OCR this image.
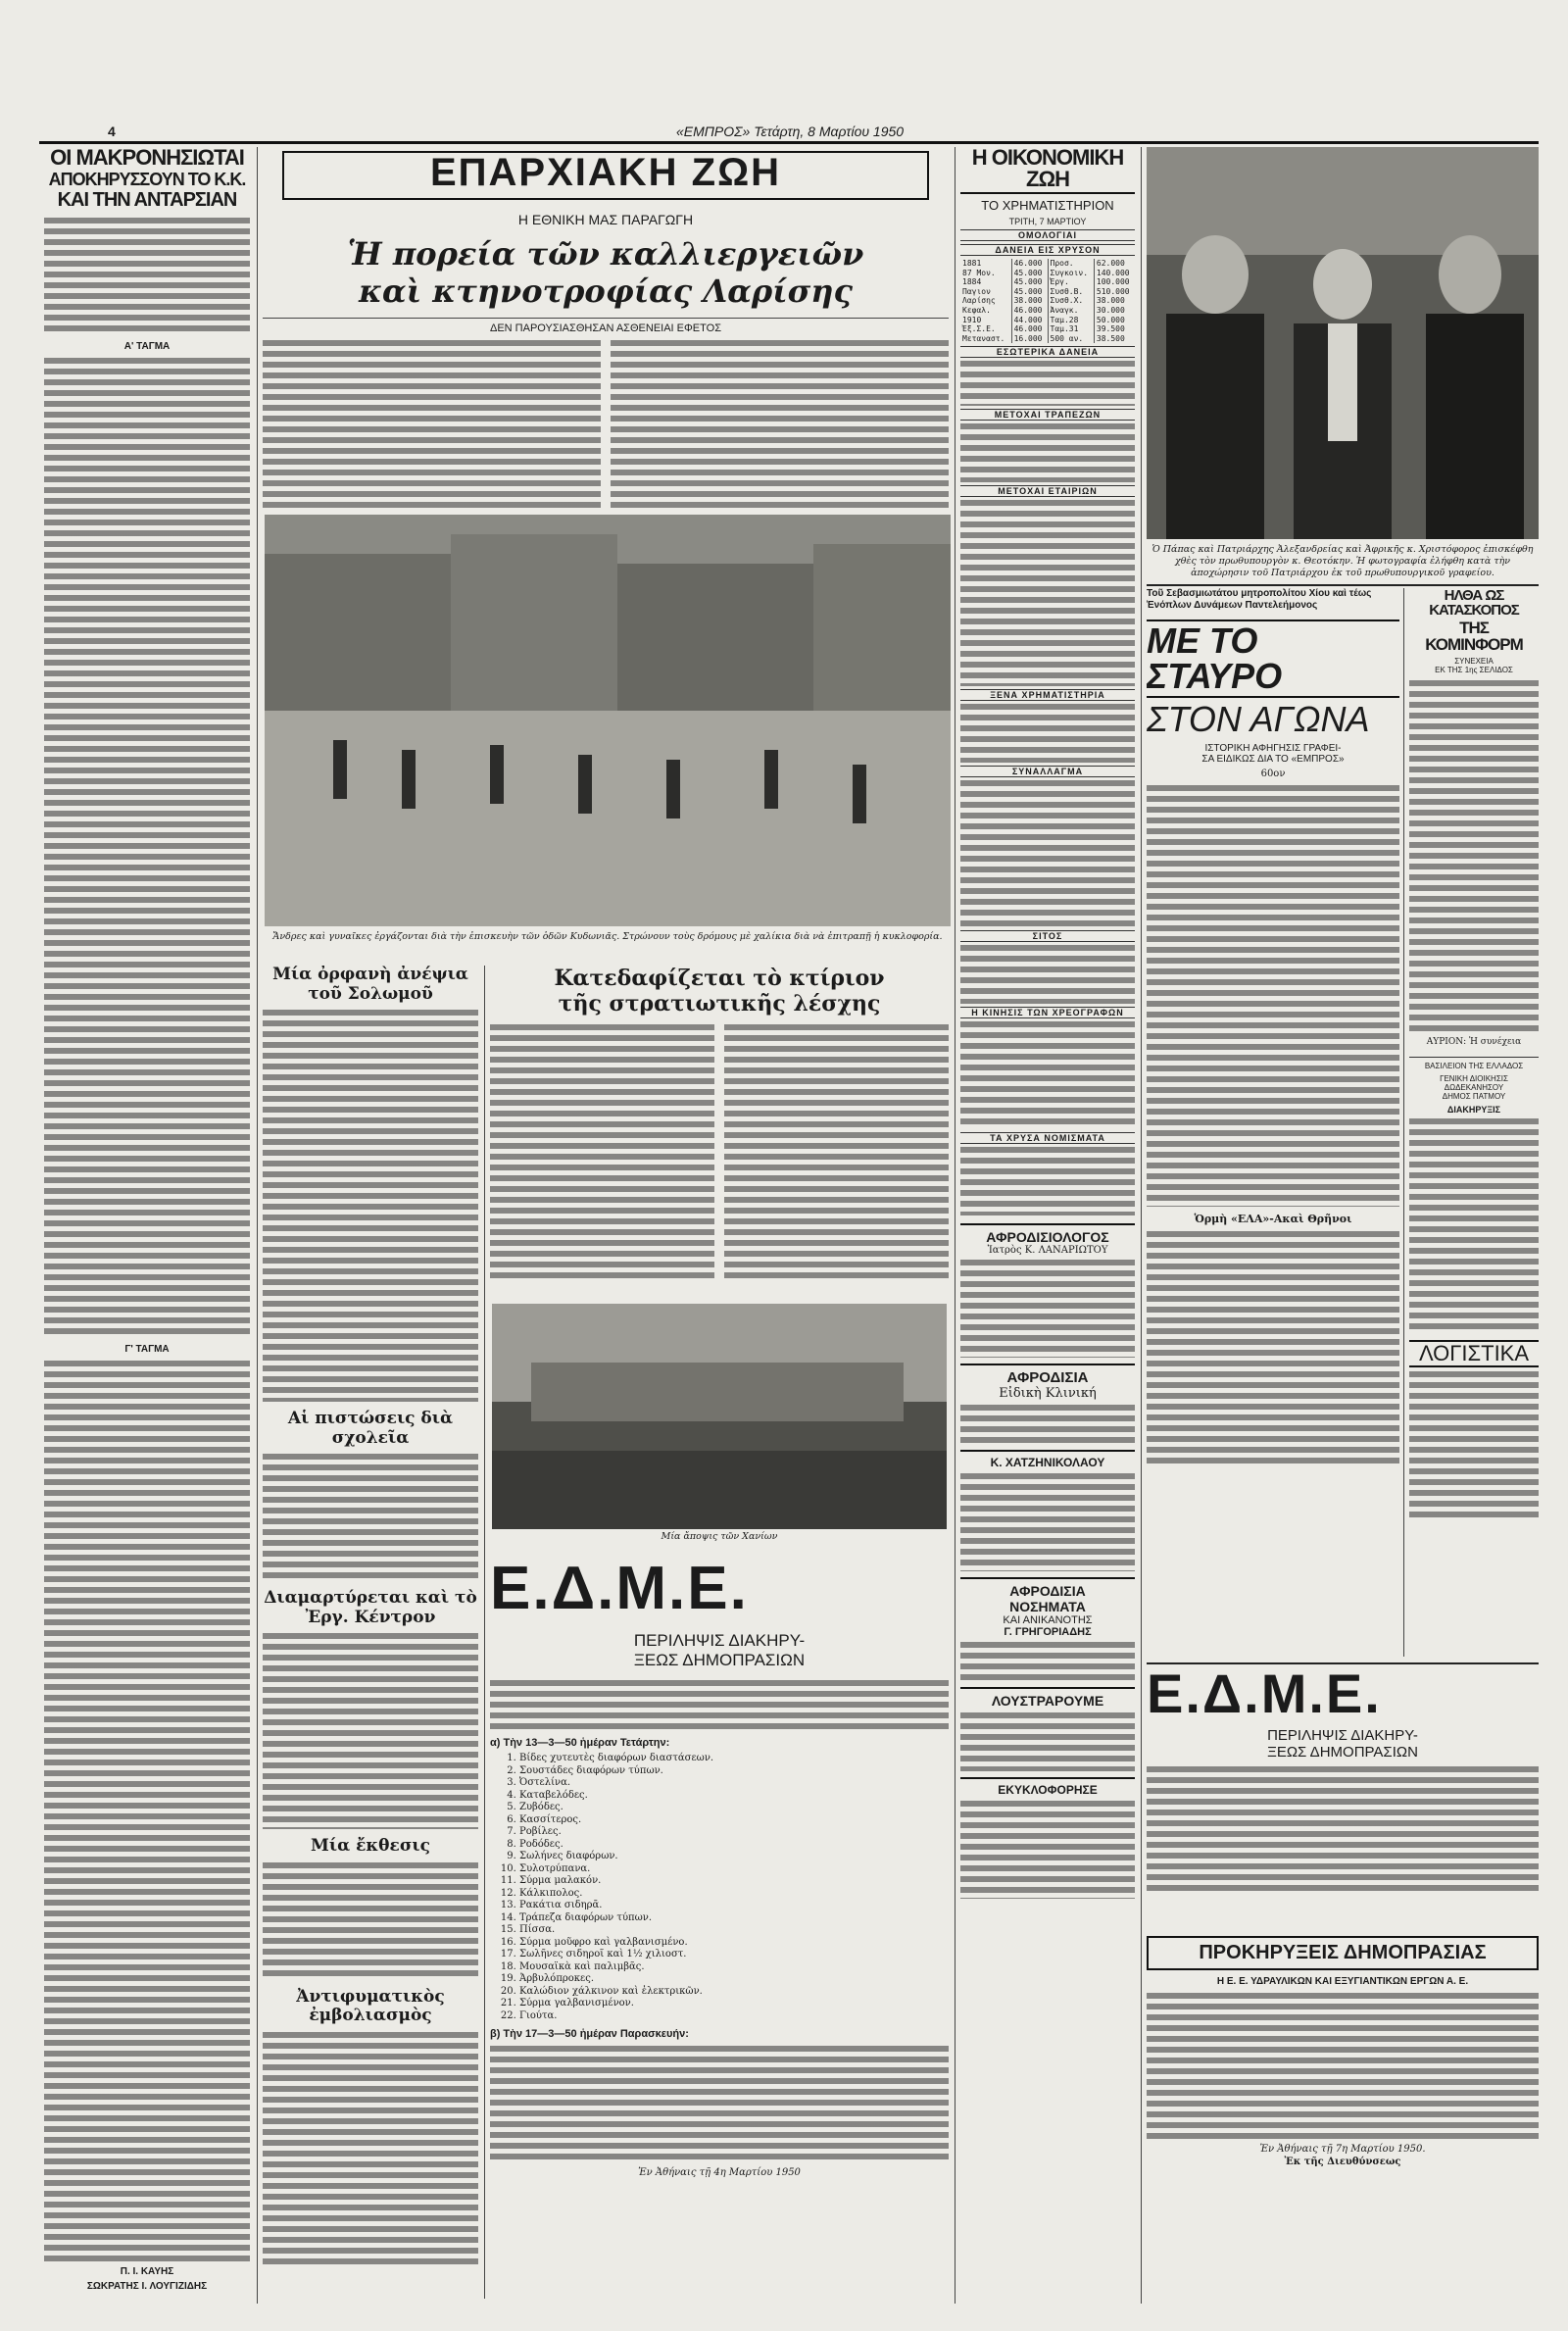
4	«ΕΜΠΡΟΣ» Τετάρτη, 8 Μαρτίου 1950
ΟΙ ΜΑΚΡΟΝΗΣΙΩΤΑΙ
ΑΠΟΚΗΡΥΣΣΟΥΝ ΤΟ Κ.Κ.
ΚΑΙ ΤΗΝ ΑΝΤΑΡΣΙΑΝ
Α' ΤΑΓΜΑ
Γ' ΤΑΓΜΑ
Π. Ι. ΚΑΥΗΣ
ΣΩΚΡΑΤΗΣ Ι. ΛΟΥΓΙΖΙΔΗΣ
ΕΠΑΡΧΙΑΚΗ ΖΩΗ
Η ΕΘΝΙΚΗ ΜΑΣ ΠΑΡΑΓΩΓΗ
Ἡ πορεία τῶν καλλιεργειῶν
καὶ κτηνοτροφίας Λαρίσης
ΔΕΝ ΠΑΡΟΥΣΙΑΣΘΗΣΑΝ ΑΣΘΕΝΕΙΑΙ ΕΦΕΤΟΣ
Ἄνδρες καὶ γυναῖκες ἐργάζονται διὰ τὴν ἐπισκευὴν τῶν ὁδῶν Κυδωνιᾶς. Στρώνουν τοὺς δρόμους μὲ χαλίκια διὰ νὰ ἐπιτραπῇ ἡ κυκλοφορία.
Μία ὀρφανὴ ἀνέψια τοῦ Σολωμοῦ
Αἱ πιστώσεις διὰ σχολεῖα
Διαμαρτύρεται καὶ τὸ Ἐργ. Κέντρον
Μία ἔκθεσις
Ἀντιφυματικὸς ἐμβολιασμὸς
Κατεδαφίζεται τὸ κτίριον
τῆς στρατιωτικῆς λέσχης
Μία ἄποψις τῶν Χανίων
Ε.Δ.Μ.Ε.
ΠΕΡΙΛΗΨΙΣ ΔΙΑΚΗΡΥ-
ΞΕΩΣ ΔΗΜΟΠΡΑΣΙΩΝ
α) Τὴν 13—3—50 ἡμέραν Τετάρτην:
1. Βίδες χυτευτὲς διαφόρων διαστάσεων.
2. Σουστάδες διαφόρων τύπων.
3. Ὀστελίνα.
4. Καταβελόδες.
5. Ζυβόδες.
6. Κασσίτερος.
7. Ροβίλες.
8. Ροδόδες.
9. Σωλήνες διαφόρων.
10. Συλοτρύπανα.
11. Σύρμα μαλακόν.
12. Κάλκιπολος.
13. Ρακάτια σιδηρᾶ.
14. Τράπεζα διαφόρων τύπων.
15. Πίσσα.
16. Σύρμα μοῦφρο καὶ γαλβανισμένο.
17. Σωλῆνες σιδηροῖ καὶ 1½ χιλιοστ.
18. Μουσαϊκὰ καὶ παλιμβᾶς.
19. Ἀρβυλόπροκες.
20. Καλώδιον χάλκινον καὶ ἐλεκτρικῶν.
21. Σύρμα γαλβανισμένον.
22. Γιούτα.
β) Τὴν 17—3—50 ἡμέραν Παρασκευήν:
Ἐν Ἀθήναις τῇ 4η Μαρτίου 1950
Η ΟΙΚΟΝΟΜΙΚΗ ΖΩΗ
ΤΟ ΧΡΗΜΑΤΙΣΤΗΡΙΟΝ
ΤΡΙΤΗ, 7 ΜΑΡΤΙΟΥ
ΟΜΟΛΟΓΙΑΙ
ΔΑΝΕΙΑ ΕΙΣ ΧΡΥΣΟΝ
1881	46.000	Προσ.	62.000
87 Μον.	45.000	Συγκοιν.	140.000
1884	45.000	Ἐργ.	100.000
Παγιον	45.000	Συσθ.Β.	510.000
Λαρίσης	38.000	Συσθ.Χ.	38.000
Κεφαλ.	46.000	Ἀναγκ.	30.000
1910	44.000	Ταμ.28	50.000
Ἐξ.Σ.Ε.	46.000	Ταμ.31	39.500
Μεταναστ.	16.000	500 αν.	38.500
ΕΣΩΤΕΡΙΚΑ ΔΑΝΕΙΑ
ΜΕΤΟΧΑΙ ΤΡΑΠΕΖΩΝ
ΜΕΤΟΧΑΙ ΕΤΑΙΡΙΩΝ
ΞΕΝΑ ΧΡΗΜΑΤΙΣΤΗΡΙΑ
ΣΥΝΑΛΛΑΓΜΑ
ΣΙΤΟΣ
Η ΚΙΝΗΣΙΣ ΤΩΝ ΧΡΕΟΓΡΑΦΩΝ
ΤΑ ΧΡΥΣΑ ΝΟΜΙΣΜΑΤΑ
ΑΦΡΟΔΙΣΙΟΛΟΓΟΣ
Ἰατρὸς Κ. ΛΑΝΑΡΙΩΤΟΥ
ΑΦΡΟΔΙΣΙΑ
Εἰδικὴ Κλινική
Κ. ΧΑΤΖΗΝΙΚΟΛΑΟΥ
ΑΦΡΟΔΙΣΙΑ
ΝΟΣΗΜΑΤΑ
ΚΑΙ ΑΝΙΚΑΝΟΤΗΣ
Γ. ΓΡΗΓΟΡΙΑΔΗΣ
ΛΟΥΣΤΡΑΡΟΥΜΕ
ΕΚΥΚΛΟΦΟΡΗΣΕ
Ὁ Πάπας καὶ Πατριάρχης Ἀλεξανδρείας καὶ Ἀφρικῆς κ. Χριστόφορος ἐπισκέφθη χθὲς τὸν πρωθυπουργὸν κ. Θεοτόκην. Ἡ φωτογραφία ἐλήφθη κατὰ τὴν ἀποχώρησιν τοῦ Πατριάρχου ἐκ τοῦ πρωθυπουργικοῦ γραφείου.
Τοῦ Σεβασμιωτάτου μητροπολίτου Χίου καὶ τέως Ἐνόπλων Δυνάμεων Παντελεήμονος
ΜΕ ΤΟ ΣΤΑΥΡΟ
ΣΤΟΝ ΑΓΩΝΑ
ΙΣΤΟΡΙΚΗ ΑΦΗΓΗΣΙΣ ΓΡΑΦΕΙ-
ΣΑ ΕΙΔΙΚΩΣ ΔΙΑ ΤΟ «ΕΜΠΡΟΣ»
60ον
Ὁρμὴ «ΕΛΑ»-Ακαὶ Θρῆνοι
ΗΛΘΑ ΩΣ ΚΑΤΑΣΚΟΠΟΣ
ΤΗΣ ΚΟΜΙΝΦΟΡΜ
ΣΥΝΕΧΕΙΑ
ΕΚ ΤΗΣ 1ης ΣΕΛΙΔΟΣ
ΑΥΡΙΟΝ: Ἡ συνέχεια
ΒΑΣΙΛΕΙΟΝ ΤΗΣ ΕΛΛΑΔΟΣ
ΓΕΝΙΚΗ ΔΙΟΙΚΗΣΙΣ ΔΩΔΕΚΑΝΗΣΟΥ
ΔΗΜΟΣ ΠΑΤΜΟΥ
ΔΙΑΚΗΡΥΞΙΣ
ΛΟΓΙΣΤΙΚΑ
Ε.Δ.Μ.Ε.
ΠΕΡΙΛΗΨΙΣ ΔΙΑΚΗΡΥ-
ΞΕΩΣ ΔΗΜΟΠΡΑΣΙΩΝ
ΠΡΟΚΗΡΥΞΕΙΣ ΔΗΜΟΠΡΑΣΙΑΣ
Η Ε. Ε. ΥΔΡΑΥΛΙΚΩΝ ΚΑΙ ΕΞΥΓΙΑΝΤΙΚΩΝ ΕΡΓΩΝ Α. Ε.
Ἐν Ἀθήναις τῇ 7η Μαρτίου 1950.
Ἐκ τῆς Διευθύνσεως
